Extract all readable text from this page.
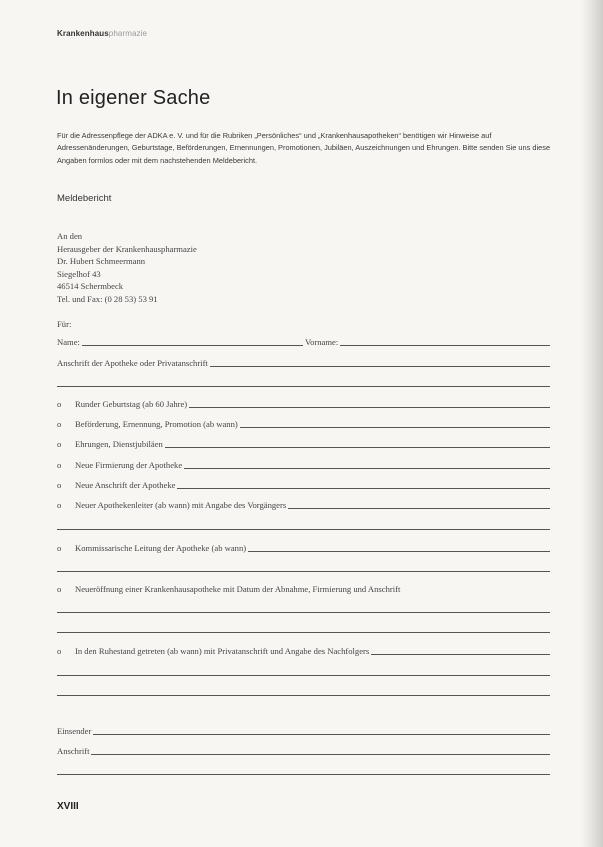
Krankenhauspharmazie
In eigener Sache
Für die Adressenpflege der ADKA e. V. und für die Rubriken „Persönliches“ und „Krankenhausapotheken“ benötigen wir Hinweise auf Adressenänderungen, Geburtstage, Beförderungen, Ernennungen, Promotionen, Jubiläen, Auszeichnungen und Ehrungen. Bitte senden Sie uns diese Angaben formlos oder mit dem nachstehenden Meldebericht.
Meldebericht
An den
Herausgeber der Krankenhauspharmazie
Dr. Hubert Schmeermann
Siegelhof 43
46514 Schermbeck
Tel. und Fax: (0 28 53) 53 91
Für:
Name:	Vorname:
Anschrift der Apotheke oder Privatanschrift
o Runder Geburtstag (ab 60 Jahre)
o Beförderung, Ernennung, Promotion (ab wann)
o Ehrungen, Dienstjubiläen
o Neue Firmierung der Apotheke
o Neue Anschrift der Apotheke
o Neuer Apothekenleiter (ab wann) mit Angabe des Vorgängers
o Kommissarische Leitung der Apotheke (ab wann)
o Neueröffnung einer Krankenhausapotheke mit Datum der Abnahme, Firmierung und Anschrift
o In den Ruhestand getreten (ab wann) mit Privatanschrift und Angabe des Nachfolgers
Einsender
Anschrift
XVIII
